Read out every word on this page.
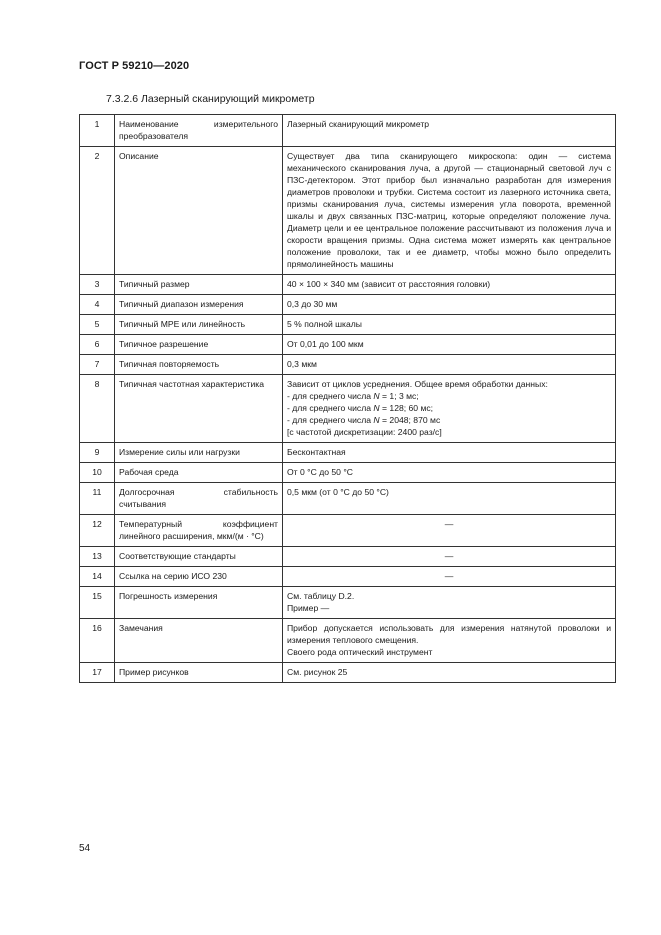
ГОСТ Р 59210—2020
7.3.2.6 Лазерный сканирующий микрометр
1	Наименование измерительного преобразователя	Лазерный сканирующий микрометр

2	Описание	Существует два типа сканирующего микроскопа: один — система механического сканирования луча, а другой — стационарный световой луч с ПЗС-детектором. Этот прибор был изначально разработан для измерения диаметров проволоки и трубки. Система состоит из лазерного источника света, призмы сканирования луча, системы измерения угла поворота, временной шкалы и двух связанных ПЗС-матриц, которые определяют положение луча. Диаметр цели и ее центральное положение рассчитывают из положения луча и скорости вращения призмы. Одна система может измерять как центральное положение проволоки, так и ее диаметр, чтобы можно было определить прямолинейность машины

3	Типичный размер	40 × 100 × 340 мм (зависит от расстояния головки)

4	Типичный диапазон измерения	0,3 до 30 мм

5	Типичный MPE или линейность	5 % полной шкалы

6	Типичное разрешение	От 0,01 до 100 мкм

7	Типичная повторяемость	0,3 мкм

8	Типичная частотная характеристика	Зависит от циклов усреднения. Общее время обработки данных:
- для среднего числа N = 1; 3 мс;
- для среднего числа N = 128; 60 мс;
- для среднего числа N = 2048; 870 мс
[с частотой дискретизации: 2400 раз/с]

9	Измерение силы или нагрузки	Бесконтактная

10	Рабочая среда	От 0 °С до 50 °С

11	Долгосрочная стабильность считывания	0,5 мкм (от 0 °С до 50 °С)

12	Температурный коэффициент линейного расширения, мкм/(м · °С)	—

13	Соответствующие стандарты	—

14	Ссылка на серию ИСО 230	—

15	Погрешность измерения	См. таблицу D.2.
Пример —

16	Замечания	Прибор допускается использовать для измерения натянутой проволоки и измерения теплового смещения.
Своего рода оптический инструмент

17	Пример рисунков	См. рисунок 25
54
